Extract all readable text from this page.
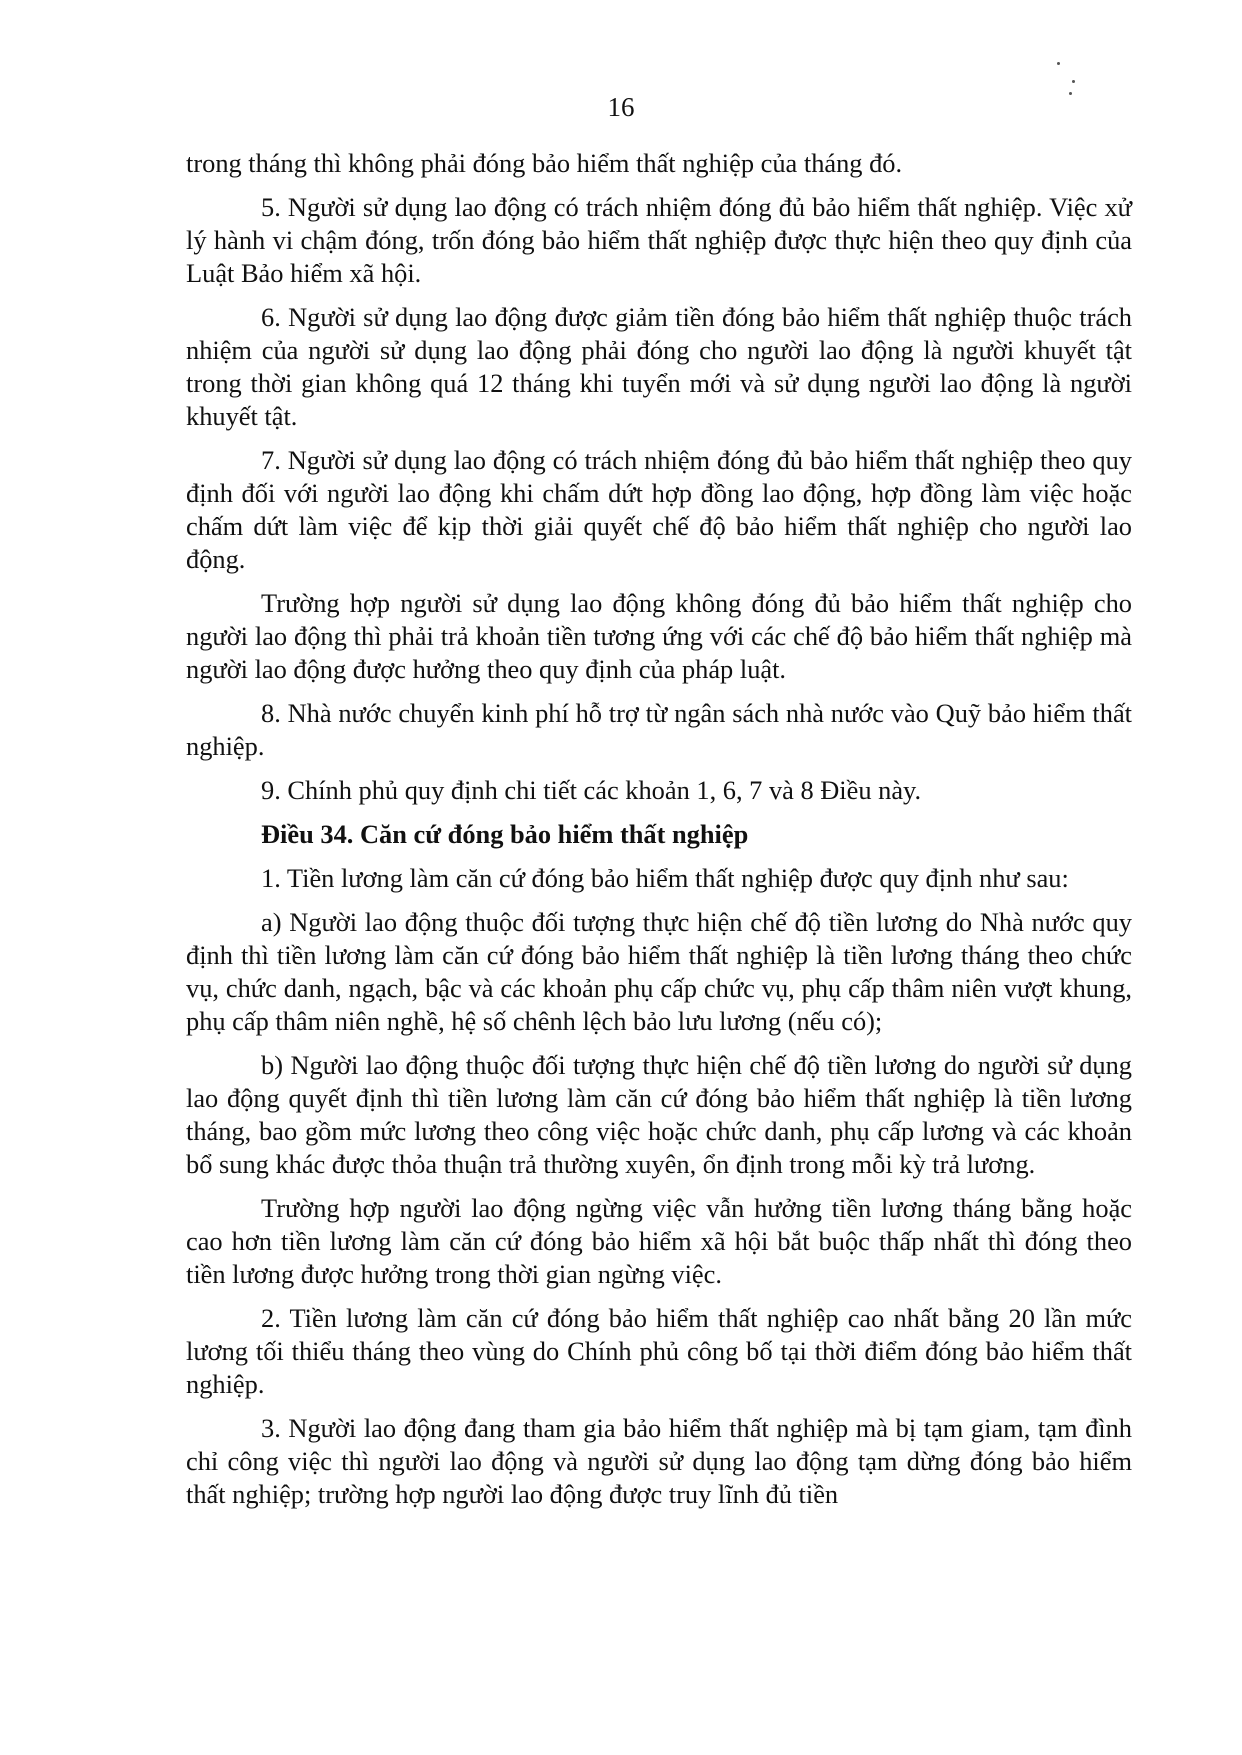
16

trong tháng thì không phải đóng bảo hiểm thất nghiệp của tháng đó.

5. Người sử dụng lao động có trách nhiệm đóng đủ bảo hiểm thất nghiệp. Việc xử lý hành vi chậm đóng, trốn đóng bảo hiểm thất nghiệp được thực hiện theo quy định của Luật Bảo hiểm xã hội.

6. Người sử dụng lao động được giảm tiền đóng bảo hiểm thất nghiệp thuộc trách nhiệm của người sử dụng lao động phải đóng cho người lao động là người khuyết tật trong thời gian không quá 12 tháng khi tuyển mới và sử dụng người lao động là người khuyết tật.

7. Người sử dụng lao động có trách nhiệm đóng đủ bảo hiểm thất nghiệp theo quy định đối với người lao động khi chấm dứt hợp đồng lao động, hợp đồng làm việc hoặc chấm dứt làm việc để kịp thời giải quyết chế độ bảo hiểm thất nghiệp cho người lao động.

Trường hợp người sử dụng lao động không đóng đủ bảo hiểm thất nghiệp cho người lao động thì phải trả khoản tiền tương ứng với các chế độ bảo hiểm thất nghiệp mà người lao động được hưởng theo quy định của pháp luật.

8. Nhà nước chuyển kinh phí hỗ trợ từ ngân sách nhà nước vào Quỹ bảo hiểm thất nghiệp.

9. Chính phủ quy định chi tiết các khoản 1, 6, 7 và 8 Điều này.

Điều 34. Căn cứ đóng bảo hiểm thất nghiệp

1. Tiền lương làm căn cứ đóng bảo hiểm thất nghiệp được quy định như sau:

a) Người lao động thuộc đối tượng thực hiện chế độ tiền lương do Nhà nước quy định thì tiền lương làm căn cứ đóng bảo hiểm thất nghiệp là tiền lương tháng theo chức vụ, chức danh, ngạch, bậc và các khoản phụ cấp chức vụ, phụ cấp thâm niên vượt khung, phụ cấp thâm niên nghề, hệ số chênh lệch bảo lưu lương (nếu có);

b) Người lao động thuộc đối tượng thực hiện chế độ tiền lương do người sử dụng lao động quyết định thì tiền lương làm căn cứ đóng bảo hiểm thất nghiệp là tiền lương tháng, bao gồm mức lương theo công việc hoặc chức danh, phụ cấp lương và các khoản bổ sung khác được thỏa thuận trả thường xuyên, ổn định trong mỗi kỳ trả lương.

Trường hợp người lao động ngừng việc vẫn hưởng tiền lương tháng bằng hoặc cao hơn tiền lương làm căn cứ đóng bảo hiểm xã hội bắt buộc thấp nhất thì đóng theo tiền lương được hưởng trong thời gian ngừng việc.

2. Tiền lương làm căn cứ đóng bảo hiểm thất nghiệp cao nhất bằng 20 lần mức lương tối thiểu tháng theo vùng do Chính phủ công bố tại thời điểm đóng bảo hiểm thất nghiệp.

3. Người lao động đang tham gia bảo hiểm thất nghiệp mà bị tạm giam, tạm đình chỉ công việc thì người lao động và người sử dụng lao động tạm dừng đóng bảo hiểm thất nghiệp; trường hợp người lao động được truy lĩnh đủ tiền
